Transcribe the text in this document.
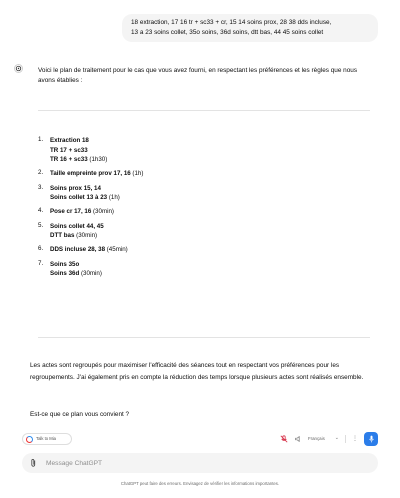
18 extraction, 17 16 tr + sc33 + cr, 15 14 soins prox, 28 38 dds incluse,
13 a 23 soins collet, 35o soins, 36d soins, dtt bas, 44 45 soins collet
Voici le plan de traitement pour le cas que vous avez fourni, en respectant les préférences et les règles que nous avons établies :
1.	Extraction 18
TR 17 + sc33
TR 16 + sc33 (1h30)
2.	Taille empreinte prov 17, 16 (1h)
3.	Soins prox 15, 14
Soins collet 13 à 23 (1h)
4.	Pose cr 17, 16 (30min)
5.	Soins collet 44, 45
DTT bas (30min)
6.	DDS incluse 28, 38 (45min)
7.	Soins 35o
Soins 36d (30min)
Les actes sont regroupés pour maximiser l'efficacité des séances tout en respectant vos préférences pour les regroupements. J'ai également pris en compte la réduction des temps lorsque plusieurs actes sont réalisés ensemble.
Est-ce que ce plan vous convient ?
Talk to Mia	Français ⌄ ⋮
Message ChatGPT
ChatGPT peut faire des erreurs. Envisagez de vérifier les informations importantes.
